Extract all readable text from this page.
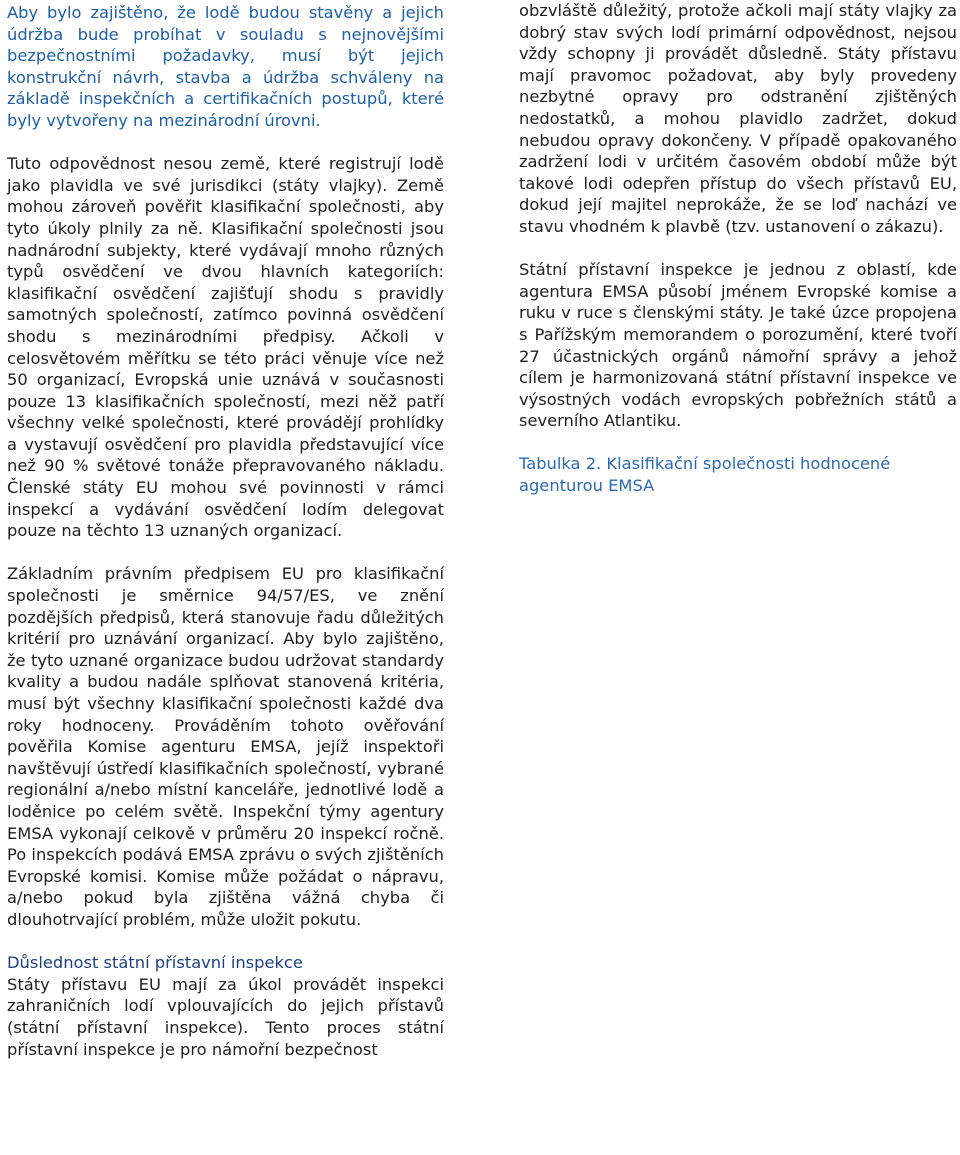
Aby bylo zajištěno, že lodě budou stavěny a jejich údržba bude probíhat v souladu s nejnovějšími bezpečnostními požadavky, musí být jejich konstrukční návrh, stavba a údržba schváleny na základě inspekčních a certifikačních postupů, které byly vytvořeny na mezinárodní úrovni.

Tuto odpovědnost nesou země, které registrují lodě jako plavidla ve své jurisdikci (státy vlajky). Země mohou zároveň pověřit klasifikační společnosti, aby tyto úkoly plnily za ně. Klasifikační společnosti jsou nadnárodní subjekty, které vydávají mnoho různých typů osvědčení ve dvou hlavních kategoriích: klasifikační osvědčení zajišťují shodu s pravidly samotných společností, zatímco povinná osvědčení shodu s mezinárodními předpisy. Ačkoli v celosvětovém měřítku se této práci věnuje více než 50 organizací, Evropská unie uznává v současnosti pouze 13 klasifikačních společností, mezi něž patří všechny velké společnosti, které provádějí prohlídky a vystavují osvědčení pro plavidla představující více než 90 % světové tonáže přepravovaného nákladu. Členské státy EU mohou své povinnosti v rámci inspekcí a vydávání osvědčení lodím delegovat pouze na těchto 13 uznaných organizací.

Základním právním předpisem EU pro klasifikační společnosti je směrnice 94/57/ES, ve znění pozdějších předpisů, která stanovuje řadu důležitých kritérií pro uznávání organizací. Aby bylo zajištěno, že tyto uznané organizace budou udržovat standardy kvality a budou nadále splňovat stanovená kritéria, musí být všechny klasifikační společnosti každé dva roky hodnoceny. Prováděním tohoto ověřování pověřila Komise agenturu EMSA, jejíž inspektoři navštěvují ústředí klasifikačních společností, vybrané regionální a/nebo místní kanceláře, jednotlivé lodě a loděnice po celém světě. Inspekční týmy agentury EMSA vykonají celkově v průměru 20 inspekcí ročně. Po inspekcích podává EMSA zprávu o svých zjištěních Evropské komisi. Komise může požádat o nápravu, a/nebo pokud byla zjištěna vážná chyba či dlouhotrvající problém, může uložit pokutu.

Důslednost státní přístavní inspekce

Státy přístavu EU mají za úkol provádět inspekci zahraničních lodí vplouvajících do jejich přístavů (státní přístavní inspekce). Tento proces státní přístavní inspekce je pro námořní bezpečnost

obzvláště důležitý, protože ačkoli mají státy vlajky za dobrý stav svých lodí primární odpovědnost, nejsou vždy schopny ji provádět důsledně. Státy přístavu mají pravomoc požadovat, aby byly provedeny nezbytné opravy pro odstranění zjištěných nedostatků, a mohou plavidlo zadržet, dokud nebudou opravy dokončeny. V případě opakovaného zadržení lodi v určitém časovém období může být takové lodi odepřen přístup do všech přístavů EU, dokud její majitel neprokáže, že se loď nachází ve stavu vhodném k plavbě (tzv. ustanovení o zákazu).

Státní přístavní inspekce je jednou z oblastí, kde agentura EMSA působí jménem Evropské komise a ruku v ruce s členskými státy. Je také úzce propojena s Pařížským memorandem o porozumění, které tvoří 27 účastnických orgánů námořní správy a jehož cílem je harmonizovaná státní přístavní inspekce ve výsostných vodách evropských pobřežních států a severního Atlantiku.

Tabulka 2. Klasifikační společnosti hodnocené agenturou EMSA
